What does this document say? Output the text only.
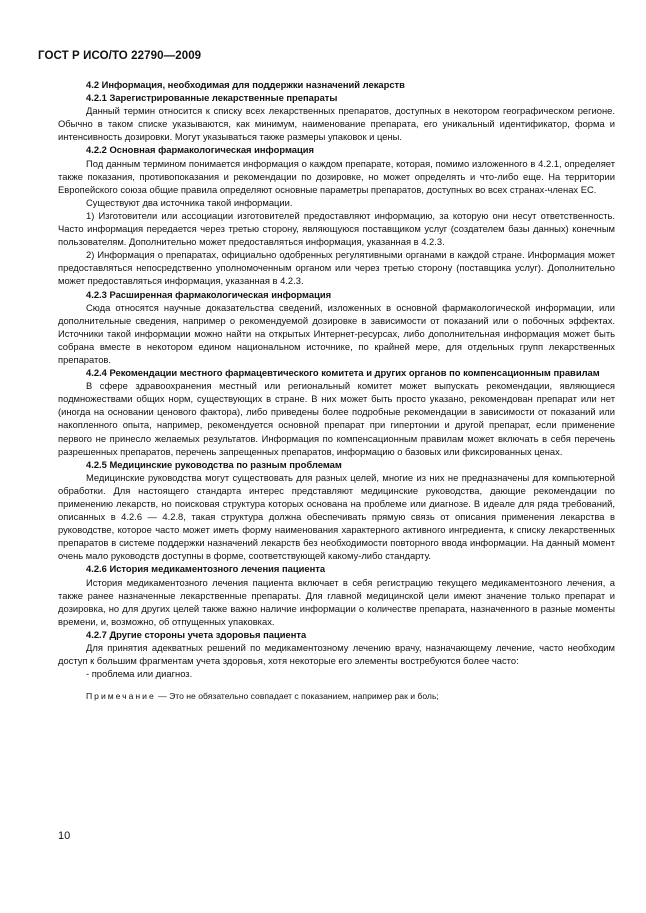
ГОСТ Р ИСО/ТО 22790—2009

4.2 Информация, необходимая для поддержки назначений лекарств

4.2.1 Зарегистрированные лекарственные препараты

Данный термин относится к списку всех лекарственных препаратов, доступных в некотором географическом регионе. Обычно в таком списке указываются, как минимум, наименование препарата, его уникальный идентификатор, форма и интенсивность дозировки. Могут указываться также размеры упаковок и цены.

4.2.2 Основная фармакологическая информация

Под данным термином понимается информация о каждом препарате, которая, помимо изложенного в 4.2.1, определяет также показания, противопоказания и рекомендации по дозировке, но может определять и что-либо еще. На территории Европейского союза общие правила определяют основные параметры препаратов, доступных во всех странах-членах ЕС.

Существуют два источника такой информации.

1) Изготовители или ассоциации изготовителей предоставляют информацию, за которую они несут ответственность. Часто информация передается через третью сторону, являющуюся поставщиком услуг (создателем базы данных) конечным пользователям. Дополнительно может предоставляться информация, указанная в 4.2.3.

2) Информация о препаратах, официально одобренных регулятивными органами в каждой стране. Информация может предоставляться непосредственно уполномоченным органом или через третью сторону (поставщика услуг). Дополнительно может предоставляться информация, указанная в 4.2.3.

4.2.3 Расширенная фармакологическая информация

Сюда относятся научные доказательства сведений, изложенных в основной фармакологической информации, или дополнительные сведения, например о рекомендуемой дозировке в зависимости от показаний или о побочных эффектах. Источники такой информации можно найти на открытых Интернет-ресурсах, либо дополнительная информация может быть собрана вместе в некотором едином национальном источнике, по крайней мере, для отдельных групп лекарственных препаратов.

4.2.4 Рекомендации местного фармацевтического комитета и других органов по компенсационным правилам

В сфере здравоохранения местный или региональный комитет может выпускать рекомендации, являющиеся подмножествами общих норм, существующих в стране. В них может быть просто указано, рекомендован препарат или нет (иногда на основании ценового фактора), либо приведены более подробные рекомендации в зависимости от показаний или накопленного опыта, например, рекомендуется основной препарат при гипертонии и другой препарат, если применение первого не принесло желаемых результатов. Информация по компенсационным правилам может включать в себя перечень разрешенных препаратов, перечень запрещенных препаратов, информацию о базовых или фиксированных ценах.

4.2.5 Медицинские руководства по разным проблемам

Медицинские руководства могут существовать для разных целей, многие из них не предназначены для компьютерной обработки. Для настоящего стандарта интерес представляют медицинские руководства, дающие рекомендации по применению лекарств, но поисковая структура которых основана на проблеме или диагнозе. В идеале для ряда требований, описанных в 4.2.6 — 4.2.8, такая структура должна обеспечивать прямую связь от описания применения лекарства в руководстве, которое часто может иметь форму наименования характерного активного ингредиента, к списку лекарственных препаратов в системе поддержки назначений лекарств без необходимости повторного ввода информации. На данный момент очень мало руководств доступны в форме, соответствующей какому-либо стандарту.

4.2.6 История медикаментозного лечения пациента

История медикаментозного лечения пациента включает в себя регистрацию текущего медикаментозного лечения, а также ранее назначенные лекарственные препараты. Для главной медицинской цели имеют значение только препарат и дозировка, но для других целей также важно наличие информации о количестве препарата, назначенного в разные моменты времени, и, возможно, об отпущенных упаковках.

4.2.7 Другие стороны учета здоровья пациента

Для принятия адекватных решений по медикаментозному лечению врачу, назначающему лечение, часто необходим доступ к большим фрагментам учета здоровья, хотя некоторые его элементы востребуются более часто:

- проблема или диагноз.

Примечание — Это не обязательно совпадает с показанием, например рак и боль;

10
